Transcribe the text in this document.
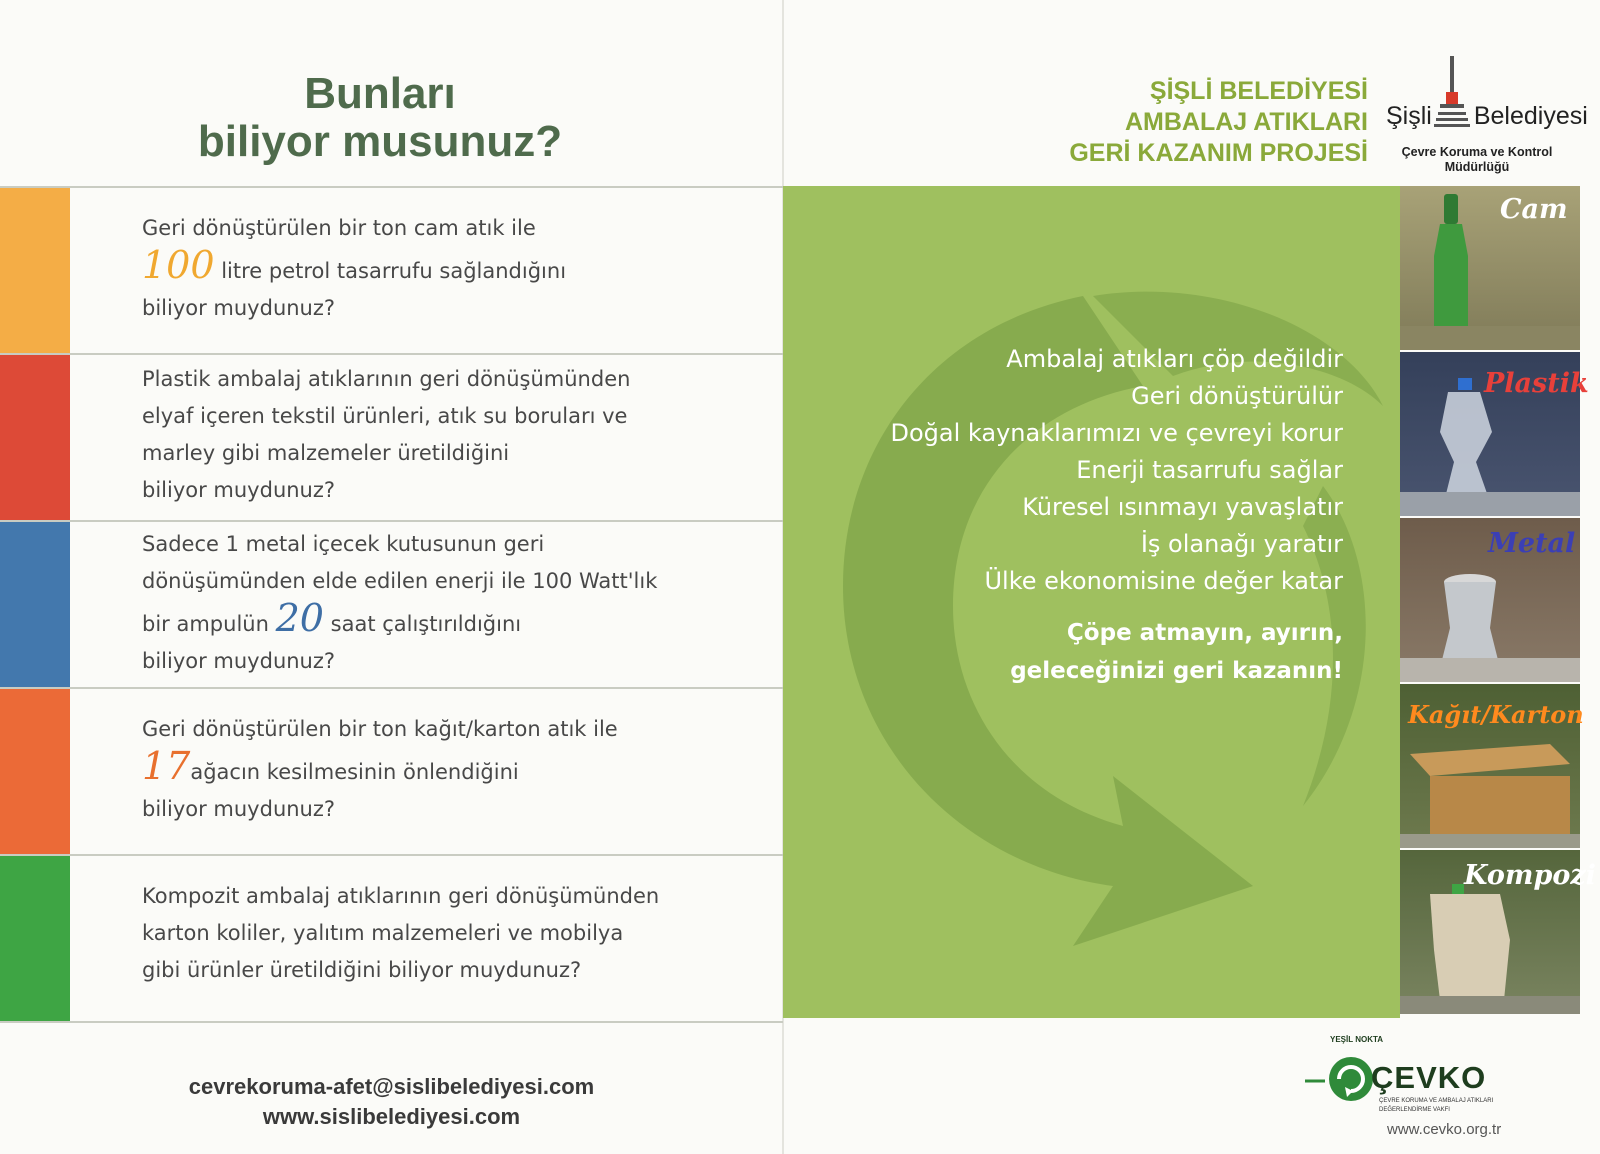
Bunları
biliyor musunuz?
Geri dönüştürülen bir ton cam atık ile
100 litre petrol tasarrufu sağlandığını
biliyor muydunuz?
Plastik ambalaj atıklarının geri dönüşümünden
elyaf içeren tekstil ürünleri, atık su boruları ve
marley gibi malzemeler üretildiğini
biliyor muydunuz?
Sadece 1 metal içecek kutusunun geri
dönüşümünden elde edilen enerji ile 100 Watt'lık
bir ampulün 20 saat çalıştırıldığını
biliyor muydunuz?
Geri dönüştürülen bir ton kağıt/karton atık ile
17ağacın kesilmesinin önlendiğini
biliyor muydunuz?
Kompozit ambalaj atıklarının geri dönüşümünden
karton koliler, yalıtım malzemeleri ve mobilya
gibi ürünler üretildiğini biliyor muydunuz?
cevrekoruma-afet@sislibelediyesi.com
www.sislibelediyesi.com
ŞİŞLİ BELEDİYESİ
AMBALAJ ATIKLARI
GERİ KAZANIM PROJESİ
Şişli Belediyesi
Çevre Koruma ve Kontrol
Müdürlüğü
Ambalaj atıkları çöp değildir
Geri dönüştürülür
Doğal kaynaklarımızı ve çevreyi korur
Enerji tasarrufu sağlar
Küresel ısınmayı yavaşlatır
İş olanağı yaratır
Ülke ekonomisine değer katar
Çöpe atmayın, ayırın,
geleceğinizi geri kazanın!
Cam
Plastik
Metal
Kağıt/Karton
Kompozi
YEŞİL NOKTA
ÇEVKO
ÇEVRE KORUMA VE AMBALAJ ATIKLARI DEĞERLENDİRME VAKFI
www.cevko.org.tr
